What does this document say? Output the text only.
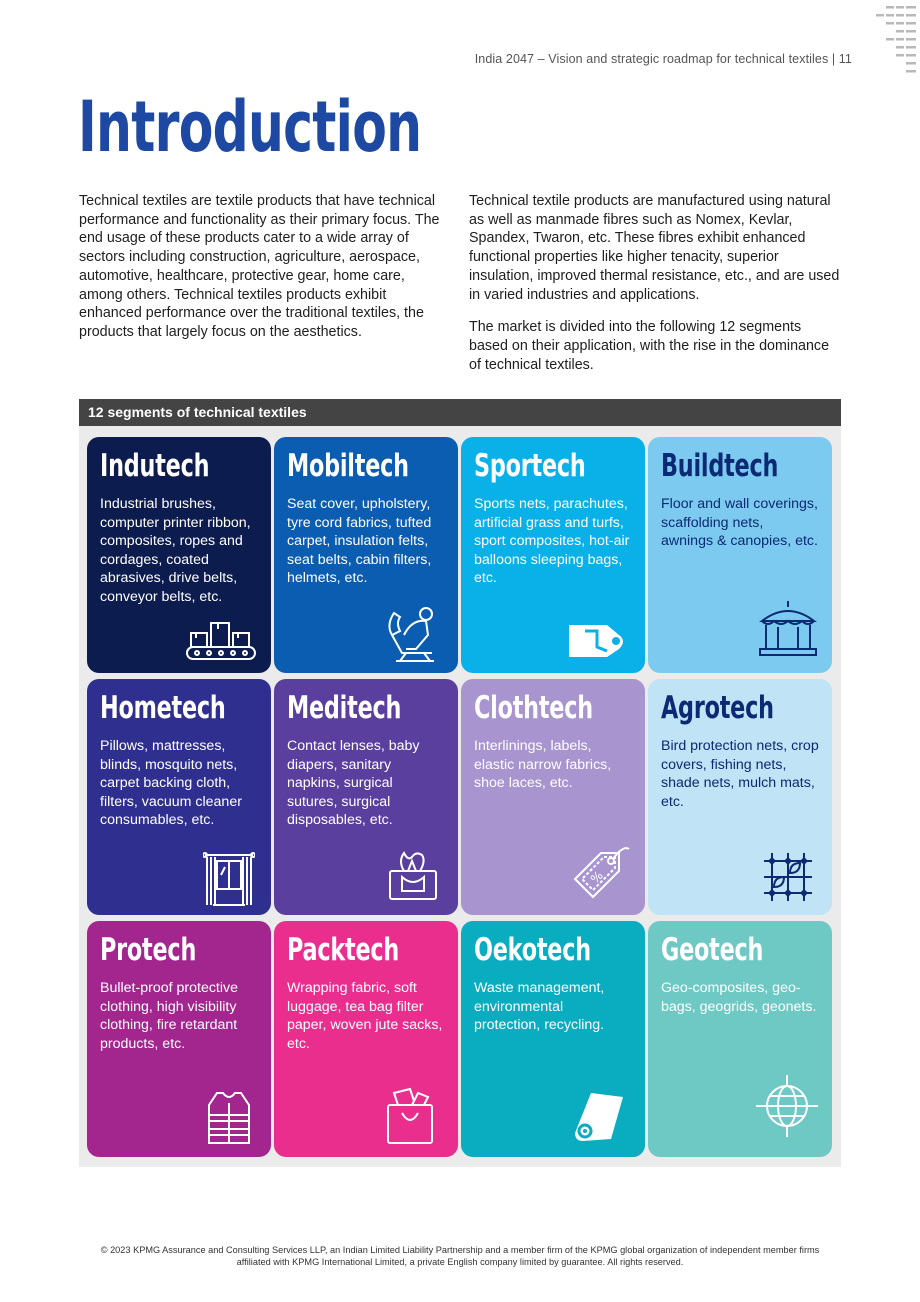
India 2047 – Vision and strategic roadmap for technical textiles | 11
Introduction

Technical textiles are textile products that have technical performance and functionality as their primary focus. The end usage of these products cater to a wide array of sectors including construction, agriculture, aerospace, automotive, healthcare, protective gear, home care, among others. Technical textiles products exhibit enhanced performance over the traditional textiles, the products that largely focus on the aesthetics.

Technical textile products are manufactured using natural as well as manmade fibres such as Nomex, Kevlar, Spandex, Twaron, etc. These fibres exhibit enhanced functional properties like higher tenacity, superior insulation, improved thermal resistance, etc., and are used in varied industries and applications.

The market is divided into the following 12 segments based on their application, with the rise in the dominance of technical textiles.

12 segments of technical textiles
Indutech
Industrial brushes, computer printer ribbon, composites, ropes and cordages, coated abrasives, drive belts, conveyor belts, etc.
Mobiltech
Seat cover, upholstery, tyre cord fabrics, tufted carpet, insulation felts, seat belts, cabin filters, helmets, etc.
Sportech
Sports nets, parachutes, artificial grass and turfs, sport composites, hot-air balloons sleeping bags, etc.
Buildtech
Floor and wall coverings, scaffolding nets, awnings & canopies, etc.
Hometech
Pillows, mattresses, blinds, mosquito nets, carpet backing cloth, filters, vacuum cleaner consumables, etc.
Meditech
Contact lenses, baby diapers, sanitary napkins, surgical sutures, surgical disposables, etc.
Clothtech
Interlinings, labels, elastic narrow fabrics, shoe laces, etc.
%
Agrotech
Bird protection nets, crop covers, fishing nets, shade nets, mulch mats, etc.
Protech
Bullet-proof protective clothing, high visibility clothing, fire retardant products, etc.
Packtech
Wrapping fabric, soft luggage, tea bag filter paper, woven jute sacks, etc.
Oekotech
Waste management, environmental protection, recycling.
Geotech
Geo-composites, geo-bags, geogrids, geonets.
© 2023 KPMG Assurance and Consulting Services LLP, an Indian Limited Liability Partnership and a member firm of the KPMG global organization of independent member firms
affiliated with KPMG International Limited, a private English company limited by guarantee. All rights reserved.
